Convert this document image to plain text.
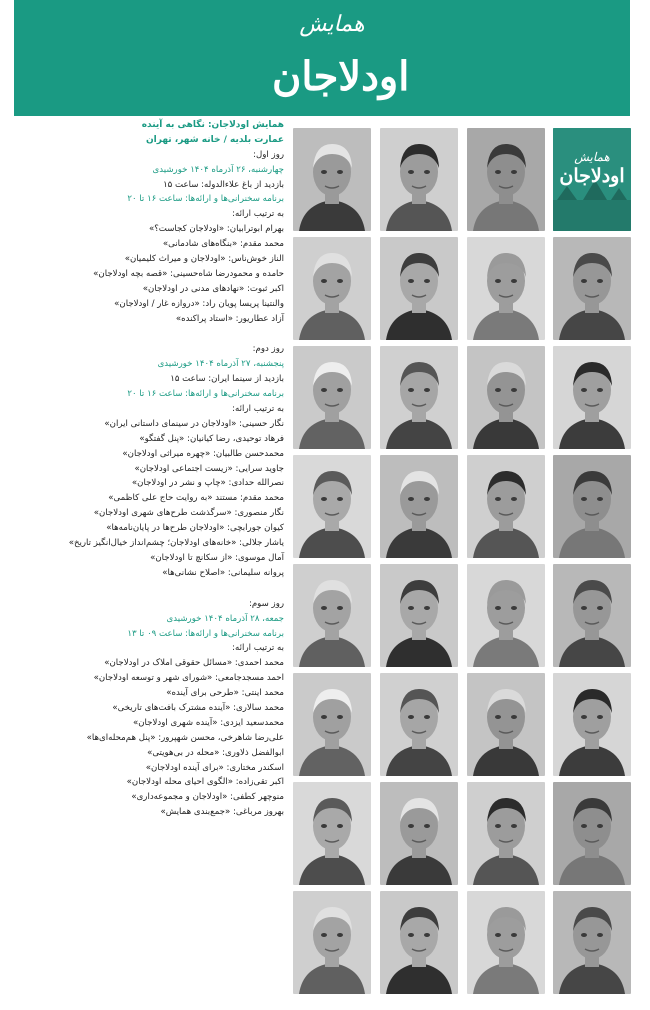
همایش
اودلاجان
همایش اودلاجان: نگاهی به آینده
عمارت بلدیه / خانه شهر، تهران
روز اول:
چهارشنبه، ۲۶ آذرماه ۱۴۰۴ خورشیدی
بازدید از باغ علاءالدوله: ساعت ۱۵
برنامه سخنرانی‌ها و ارائه‌ها: ساعت ۱۶ تا ۲۰
به ترتیب ارائه:
بهرام ابوترابیان: «اودلاجان کجاست؟»
محمد مقدم: «بنگاه‌های شادمانی»
الناز خوش‌ناس: «اودلاجان و میراث کلیمیان»
حامده و محمودرضا شاه‌حسینی: «قصه بچه اودلاجان»
اکبر ثبوت: «نهادهای مدنی در اودلاجان»
والنتینا پریسا پویان راد: «دروازه غار / اودلاجان»
آزاد عطاریور: «استاد پراکنده»
روز دوم:
پنجشنبه، ۲۷ آذرماه ۱۴۰۴ خورشیدی
بازدید از سینما ایران: ساعت ۱۵
برنامه سخنرانی‌ها و ارائه‌ها: ساعت ۱۶ تا ۲۰
به ترتیب ارائه:
نگار حسینی: «اودلاجان در سینمای داستانی ایران»
فرهاد توحیدی، رضا کیانیان: «پنل گفتگو»
محمدحسن طالبیان: «چهره میراثی اودلاجان»
جاوید سرایی: «زیست اجتماعی اودلاجان»
نصرالله حدادی: «چاپ و نشر در اودلاجان»
محمد مقدم: مستند «به روایت حاج علی کاظمی»
نگار منصوری: «سرگذشت طرح‌های شهری اودلاجان»
کیوان جورابچی: «اودلاجان طرح‌ها در پایان‌نامه‌ها»
یاشار جلالی: «خانه‌های اودلاجان؛ چشم‌انداز خیال‌انگیز تاریخ»
آمال موسوی: «از سکانچ تا اودلاجان»
پروانه سلیمانی: «اصلاح نشانی‌ها»
روز سوم:
جمعه، ۲۸ آذرماه ۱۴۰۴ خورشیدی
برنامه سخنرانی‌ها و ارائه‌ها: ساعت ۰۹ تا ۱۳
به ترتیب ارائه:
محمد احمدی: «مسائل حقوقی املاک در اودلاجان»
احمد مسجدجامعی: «شورای شهر و توسعه اودلاجان»
محمد اینتی: «طرحی برای آینده»
محمد سالاری: «آینده مشترک بافت‌های تاریخی»
محمدسعید ایزدی: «آینده شهری اودلاجان»
علی‌رضا شاهرخی، محسن شهپرور: «پنل هم‌محله‌ای‌ها»
ابوالفضل ذلاوری: «محله در بی‌هویتی»
اسکندر مختاری: «برای آینده اودلاجان»
اکبر تقی‌زاده: «الگوی احیای محله اودلاجان»
منوچهر کطفی: «اودلاجان و مجموعه‌داری»
بهروز مرباغی: «جمع‌بندی همایش»
همایش
اودلاجان
